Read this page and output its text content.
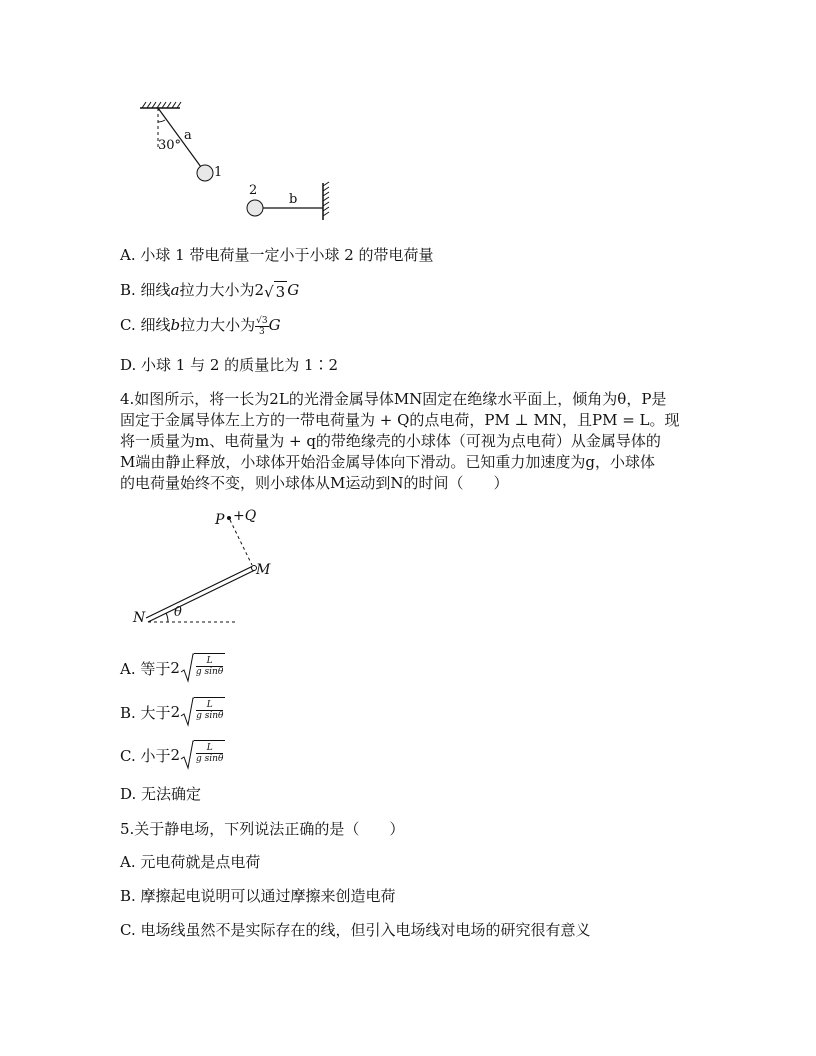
30°
a
1
2
b
A. 小球 1 带电荷量一定小于小球 2 的带电荷量
B. 细线a拉力大小为2√ 3 G
C. 细线b拉力大小为 $\frac{√3}{3}$ G
D. 小球 1 与 2 的质量比为 1∶2
4.如图所示，将一长为2L的光滑金属导体MN固定在绝缘水平面上，倾角为θ，P是
固定于金属导体左上方的一带电荷量为 + Q的点电荷，PM ⊥ MN，且PM = L。现
将一质量为m、电荷量为 + q的带绝缘壳的小球体（可视为点电荷）从金属导体的
M端由静止释放，小球体开始沿金属导体向下滑动。已知重力加速度为g，小球体
的电荷量始终不变，则小球体从M运动到N的时间（　　）
P +Q
M
N θ
A. 等于 $2 \frac{L}{\text{g sinθ}}$
B. 大于 $2 \frac{L}{\text{g sinθ}}$
C. 小于 $2 \frac{L}{\text{g sinθ}}$
D. 无法确定
5.关于静电场，下列说法正确的是（　　）
A. 元电荷就是点电荷
B. 摩擦起电说明可以通过摩擦来创造电荷
C. 电场线虽然不是实际存在的线，但引入电场线对电场的研究很有意义
